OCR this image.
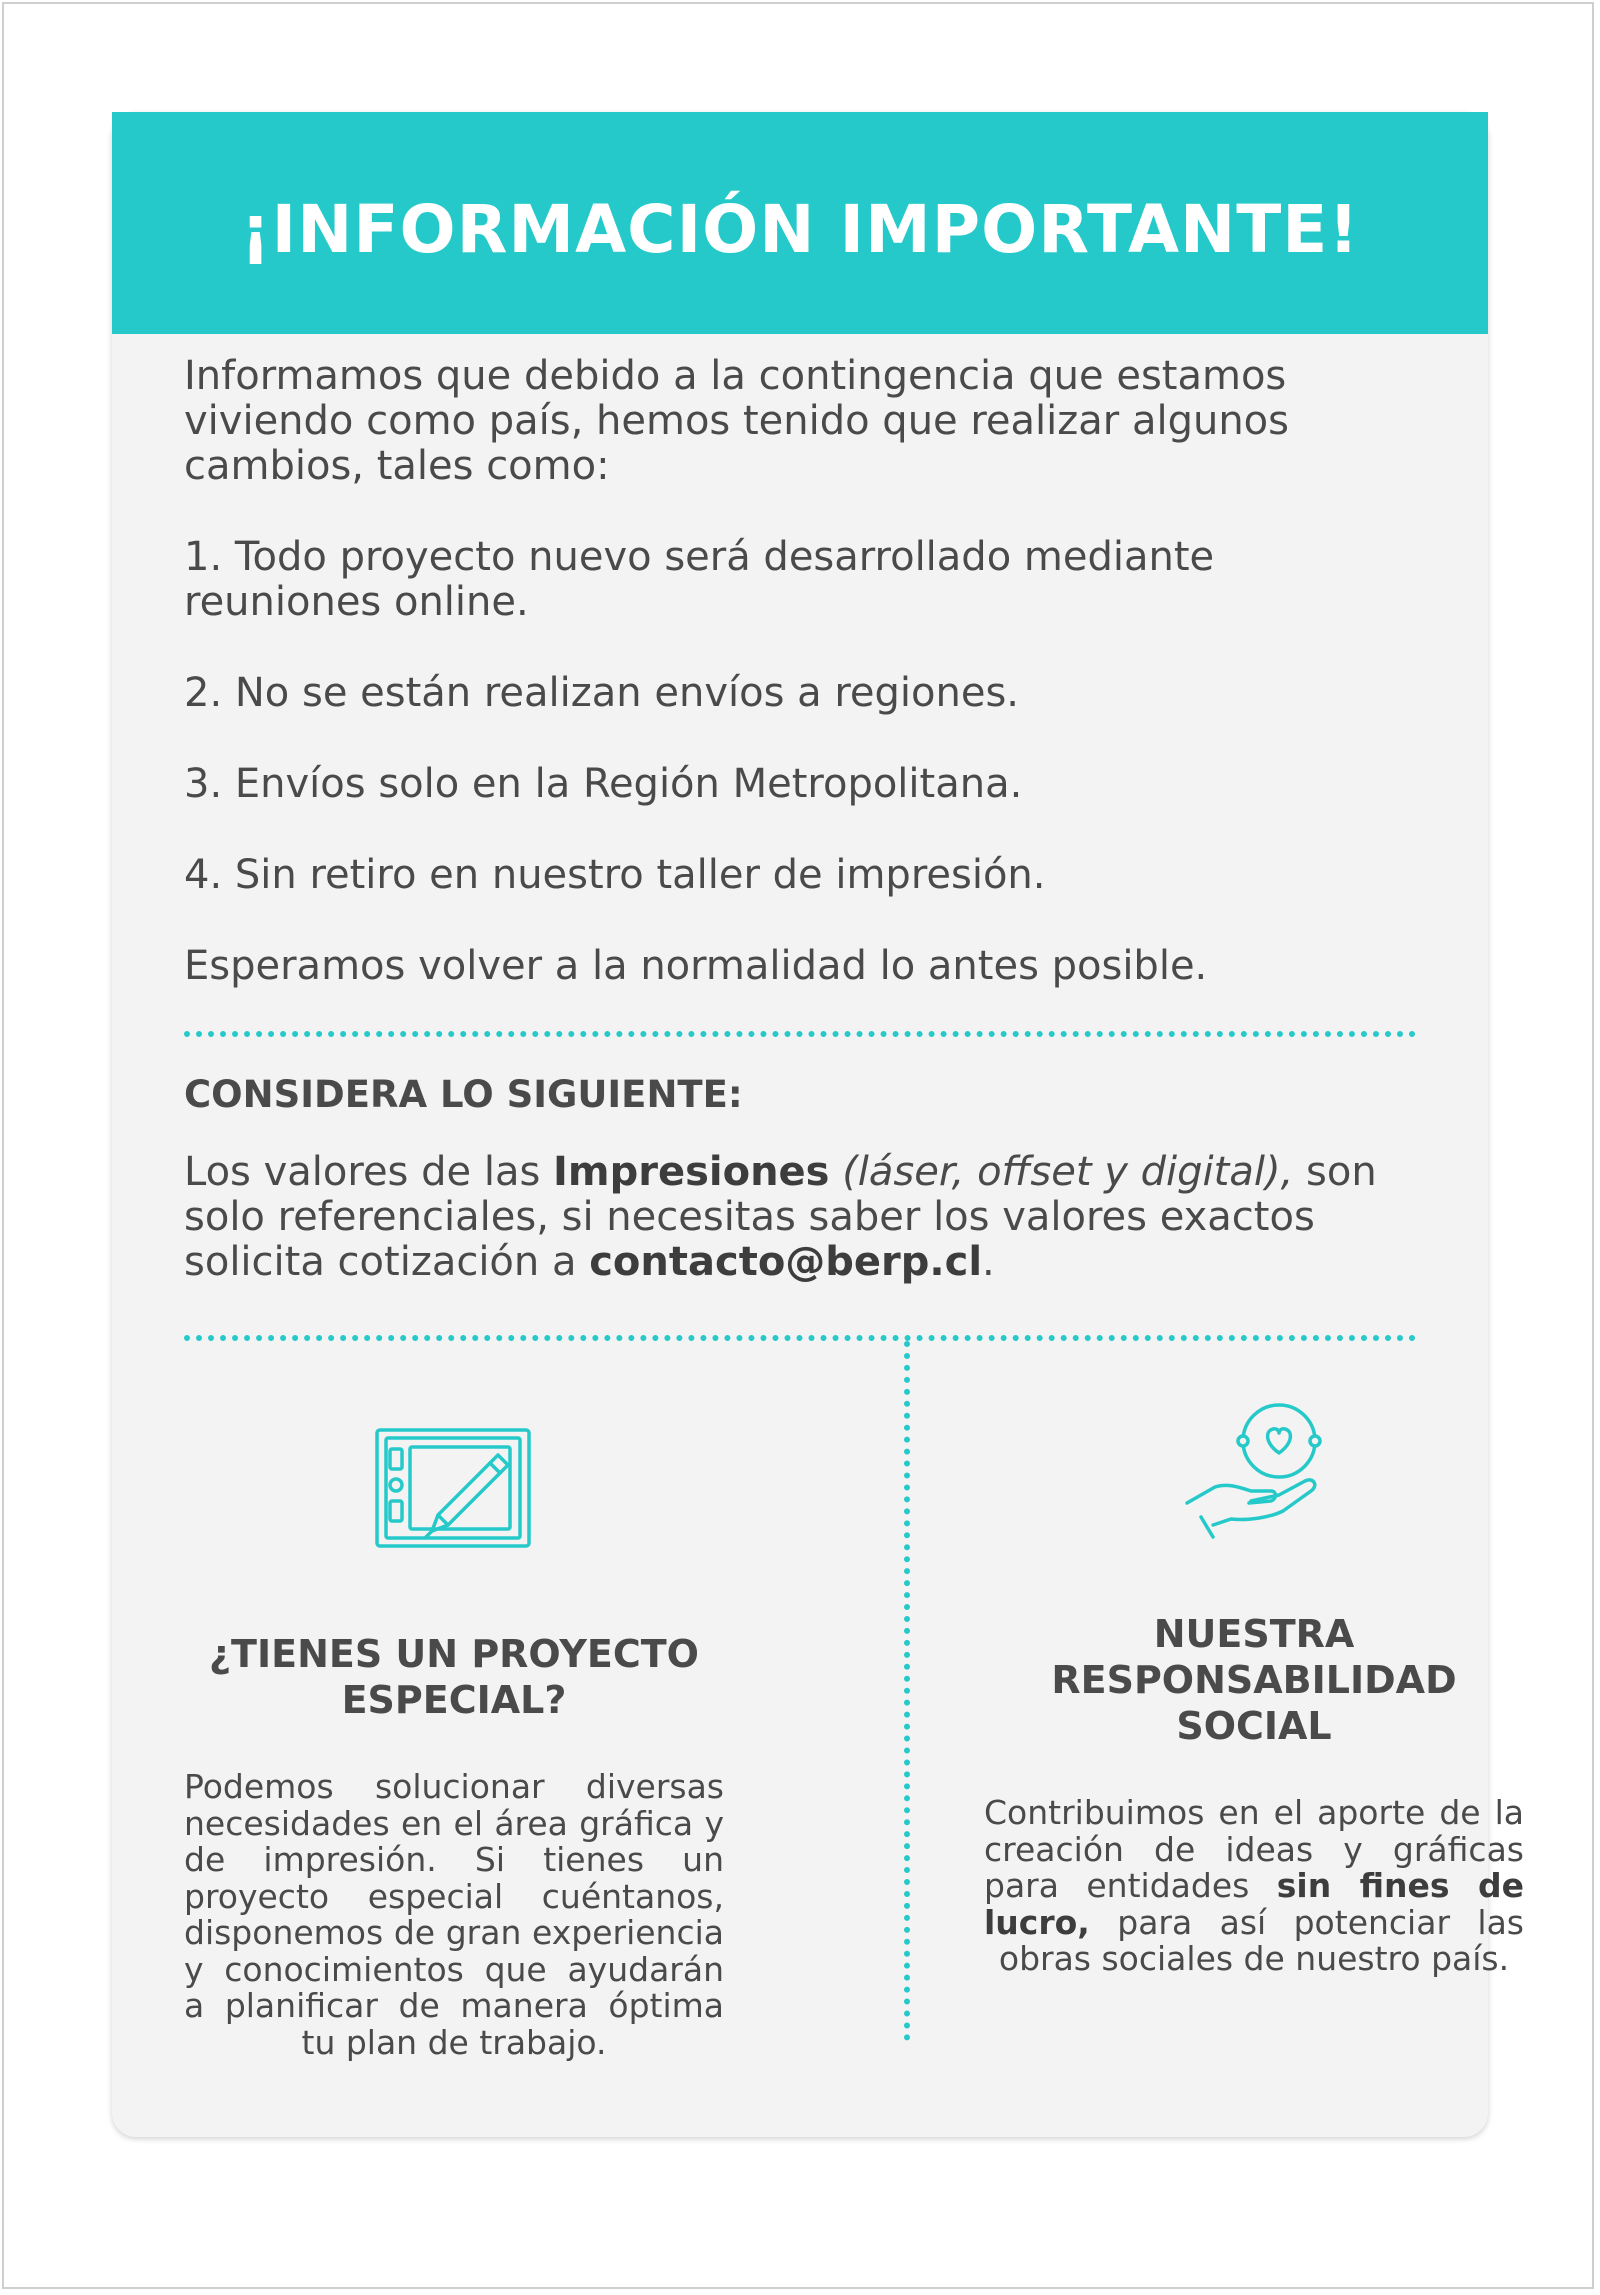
¡INFORMACIÓN IMPORTANTE!

Informamos que debido a la contingencia que estamos viviendo como país, hemos tenido que realizar algunos cambios, tales como:

1. Todo proyecto nuevo será desarrollado mediante reuniones online.

2. No se están realizan envíos a regiones.

3. Envíos solo en la Región Metropolitana.

4. Sin retiro en nuestro taller de impresión.

Esperamos volver a la normalidad lo antes posible.

CONSIDERA LO SIGUIENTE:
Los valores de las Impresiones (láser, offset y digital), son solo referenciales, si necesitas saber los valores exactos solicita cotización a contacto@berp.cl.
¿TIENES UN PROYECTO ESPECIAL?
Podemos solucionar diversas necesidades en el área gráfica y de impresión. Si tienes un proyecto especial cuéntanos, disponemos de gran experiencia y conocimientos que ayudarán a planificar de manera óptima tu plan de trabajo.
NUESTRA RESPONSABILIDAD SOCIAL
Contribuimos en el aporte de la creación de ideas y gráficas para entidades sin fines de lucro, para así potenciar las obras sociales de nuestro país.
